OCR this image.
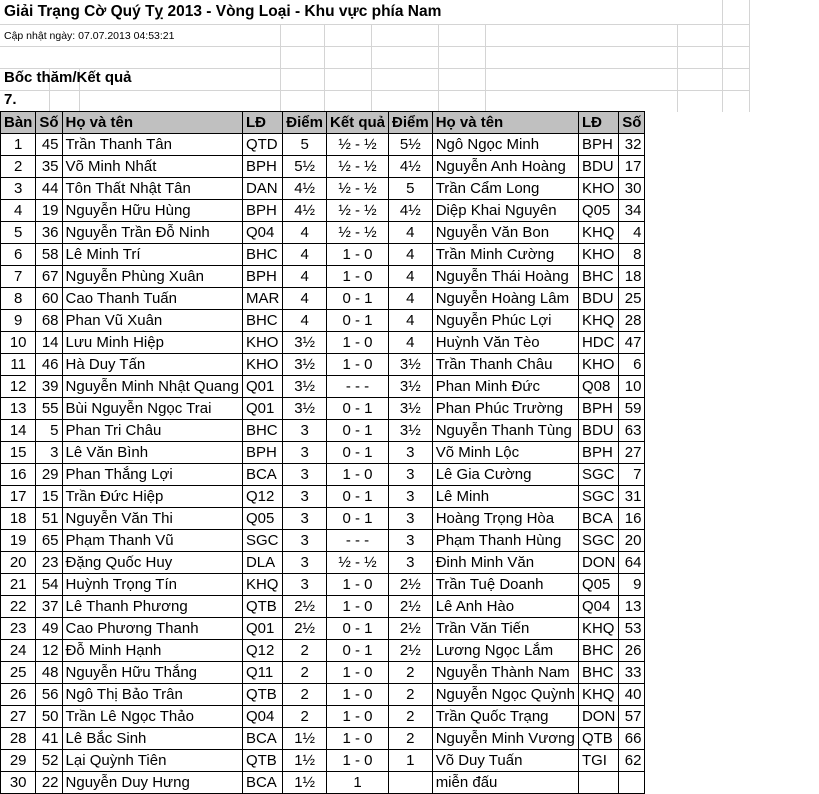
Giải Trạng Cờ Quý Tỵ 2013 - Vòng Loại - Khu vực phía Nam
Cập nhật ngày: 07.07.2013 04:53:21
Bốc thăm/Kết quả
7.
Bàn	Số	Họ và tên	LĐ	Điểm	Kết quả	Điểm	Họ và tên	LĐ	Số
1	45	Trần Thanh Tân	QTD	5	½ - ½	5½	Ngô Ngọc Minh	BPH	32
2	35	Võ Minh Nhất	BPH	5½	½ - ½	4½	Nguyễn Anh Hoàng	BDU	17
3	44	Tôn Thất Nhật Tân	DAN	4½	½ - ½	5	Trần Cẩm Long	KHO	30
4	19	Nguyễn Hữu Hùng	BPH	4½	½ - ½	4½	Diệp Khai Nguyên	Q05	34
5	36	Nguyễn Trần Đỗ Ninh	Q04	4	½ - ½	4	Nguyễn Văn Bon	KHQ	4
6	58	Lê Minh Trí	BHC	4	1 - 0	4	Trần Minh Cường	KHO	8
7	67	Nguyễn Phùng Xuân	BPH	4	1 - 0	4	Nguyễn Thái Hoàng	BHC	18
8	60	Cao Thanh Tuấn	MAR	4	0 - 1	4	Nguyễn Hoàng Lâm	BDU	25
9	68	Phan Vũ Xuân	BHC	4	0 - 1	4	Nguyễn Phúc Lợi	KHQ	28
10	14	Lưu Minh Hiệp	KHO	3½	1 - 0	4	Huỳnh Văn Tèo	HDC	47
11	46	Hà Duy Tấn	KHO	3½	1 - 0	3½	Trần Thanh Châu	KHO	6
12	39	Nguyễn Minh Nhật Quang	Q01	3½	- - -	3½	Phan Minh Đức	Q08	10
13	55	Bùi Nguyễn Ngọc Trai	Q01	3½	0 - 1	3½	Phan Phúc Trường	BPH	59
14	5	Phan Tri Châu	BHC	3	0 - 1	3½	Nguyễn Thanh Tùng	BDU	63
15	3	Lê Văn Bình	BPH	3	0 - 1	3	Võ Minh Lộc	BPH	27
16	29	Phan Thắng Lợi	BCA	3	1 - 0	3	Lê Gia Cường	SGC	7
17	15	Trần Đức Hiệp	Q12	3	0 - 1	3	Lê Minh	SGC	31
18	51	Nguyễn Văn Thi	Q05	3	0 - 1	3	Hoàng Trọng Hòa	BCA	16
19	65	Phạm Thanh Vũ	SGC	3	- - -	3	Phạm Thanh Hùng	SGC	20
20	23	Đặng Quốc Huy	DLA	3	½ - ½	3	Đinh Minh Văn	DON	64
21	54	Huỳnh Trọng Tín	KHQ	3	1 - 0	2½	Trần Tuệ Doanh	Q05	9
22	37	Lê Thanh Phương	QTB	2½	1 - 0	2½	Lê Anh Hào	Q04	13
23	49	Cao Phương Thanh	Q01	2½	0 - 1	2½	Trần Văn Tiến	KHQ	53
24	12	Đỗ Minh Hạnh	Q12	2	0 - 1	2½	Lương Ngọc Lắm	BHC	26
25	48	Nguyễn Hữu Thắng	Q11	2	1 - 0	2	Nguyễn Thành Nam	BHC	33
26	56	Ngô Thị Bảo Trân	QTB	2	1 - 0	2	Nguyễn Ngọc Quỳnh	KHQ	40
27	50	Trần Lê Ngọc Thảo	Q04	2	1 - 0	2	Trần Quốc Trạng	DON	57
28	41	Lê Bắc Sinh	BCA	1½	1 - 0	2	Nguyễn Minh Vương	QTB	66
29	52	Lại Quỳnh Tiên	QTB	1½	1 - 0	1	Võ Duy Tuấn	TGI	62
30	22	Nguyễn Duy Hưng	BCA	1½	1		miễn đấu		
